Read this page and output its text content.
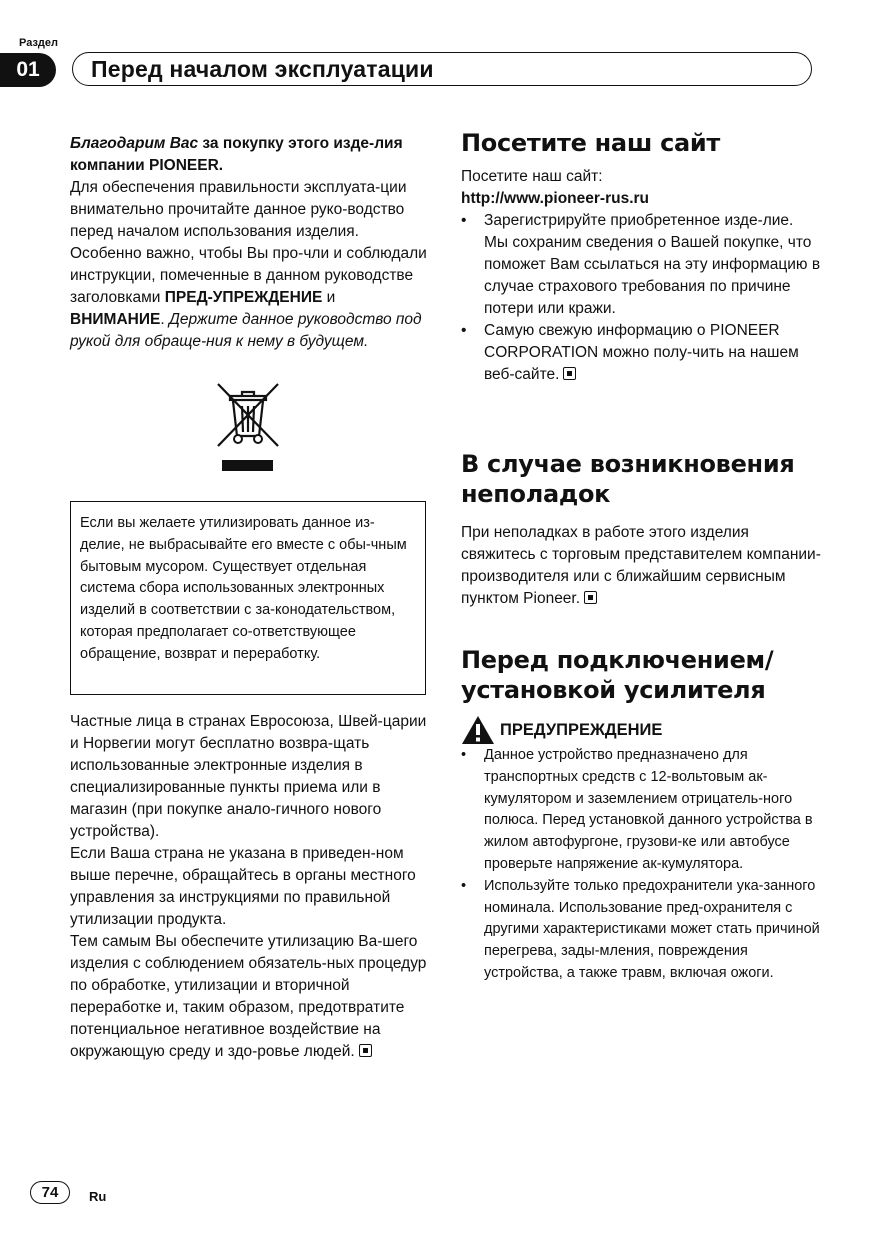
Раздел
01	Перед началом эксплуатации

Благодарим Вас за покупку этого изде-лия компании PIONEER.

Для обеспечения правильности эксплуата-ции внимательно прочитайте данное руко-водство перед началом использования изделия. Особенно важно, чтобы Вы про-чли и соблюдали инструкции, помеченные в данном руководстве заголовками ПРЕД-УПРЕЖДЕНИЕ и ВНИМАНИЕ. Держите данное руководство под рукой для обраще-ния к нему в будущем.

Если вы желаете утилизировать данное из-делие, не выбрасывайте его вместе с обы-чным бытовым мусором. Существует отдельная система сбора использованных электронных изделий в соответствии с за-конодательством, которая предполагает со-ответствующее обращение, возврат и переработку.

Частные лица в странах Евросоюза, Швей-царии и Норвегии могут бесплатно возвра-щать использованные электронные изделия в специализированные пункты приема или в магазин (при покупке анало-гичного нового устройства).

Если Ваша страна не указана в приведен-ном выше перечне, обращайтесь в органы местного управления за инструкциями по правильной утилизации продукта.

Тем самым Вы обеспечите утилизацию Ва-шего изделия с соблюдением обязатель-ных процедур по обработке, утилизации и вторичной переработке и, таким образом, предотвратите потенциальное негативное воздействие на окружающую среду и здо-ровье людей.

Посетите наш сайт

Посетите наш сайт:

http://www.pioneer-rus.ru

• Зарегистрируйте приобретенное изде-лие. Мы сохраним сведения о Вашей покупке, что поможет Вам ссылаться на эту информацию в случае страхового требования по причине потери или кражи.
• Самую свежую информацию о PIONEER CORPORATION можно полу-чить на нашем веб-сайте.
В случае возникновения неполадок

При неполадках в работе этого изделия свяжитесь с торговым представителем компании-производителя или с ближайшим сервисным пунктом Pioneer.

Перед подключением/ установкой усилителя
ПРЕДУПРЕЖДЕНИЕ
• Данное устройство предназначено для транспортных средств с 12-вольтовым ак-кумулятором и заземлением отрицатель-ного полюса. Перед установкой данного устройства в жилом автофургоне, грузови-ке или автобусе проверьте напряжение ак-кумулятора.
• Используйте только предохранители ука-занного номинала. Использование пред-охранителя с другими характеристиками может стать причиной перегрева, зады-мления, повреждения устройства, а также травм, включая ожоги.
74	Ru
